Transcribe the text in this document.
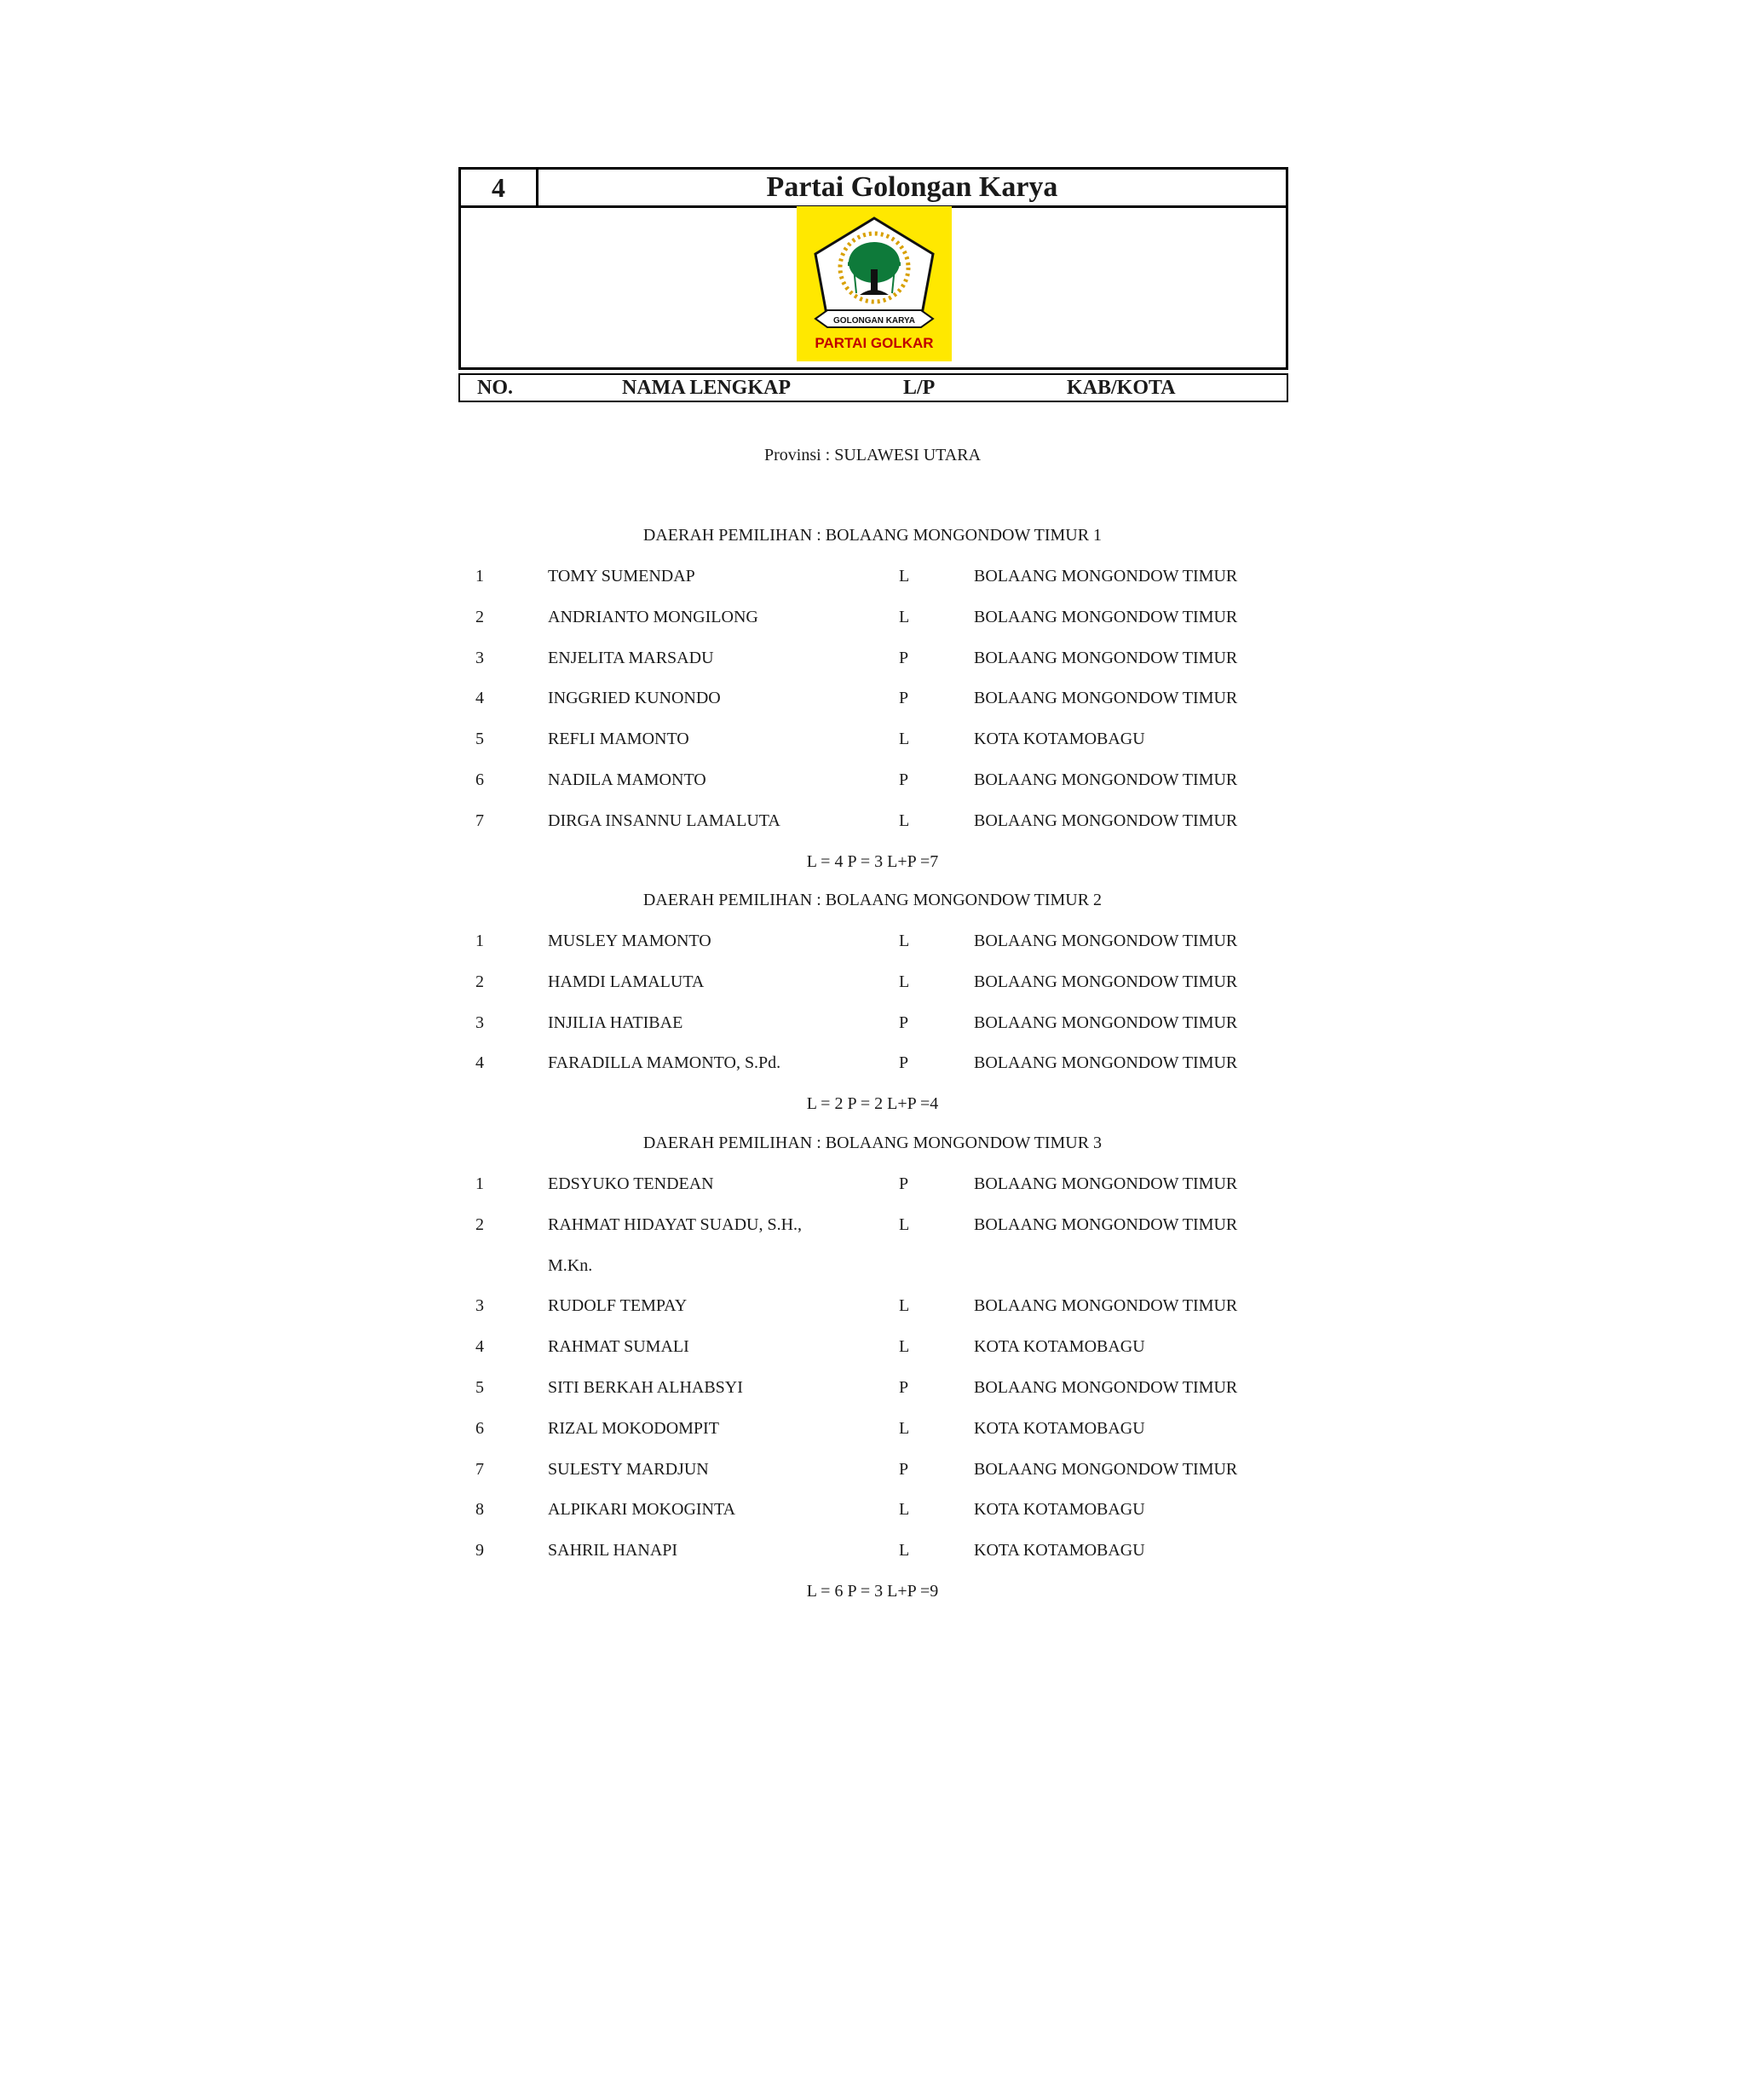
4	Partai Golongan Karya
GOLONGAN KARYA
PARTAI GOLKAR
NO.	NAMA LENGKAP	L/P	KAB/KOTA
Provinsi : SULAWESI UTARA
DAERAH PEMILIHAN : BOLAANG MONGONDOW TIMUR 1
1	TOMY SUMENDAP	L	BOLAANG MONGONDOW TIMUR
2	ANDRIANTO MONGILONG	L	BOLAANG MONGONDOW TIMUR
3	ENJELITA MARSADU	P	BOLAANG MONGONDOW TIMUR
4	INGGRIED KUNONDO	P	BOLAANG MONGONDOW TIMUR
5	REFLI MAMONTO	L	KOTA KOTAMOBAGU
6	NADILA MAMONTO	P	BOLAANG MONGONDOW TIMUR
7	DIRGA INSANNU LAMALUTA	L	BOLAANG MONGONDOW TIMUR
L = 4 P = 3 L+P =7
DAERAH PEMILIHAN : BOLAANG MONGONDOW TIMUR 2
1	MUSLEY MAMONTO	L	BOLAANG MONGONDOW TIMUR
2	HAMDI LAMALUTA	L	BOLAANG MONGONDOW TIMUR
3	INJILIA HATIBAE	P	BOLAANG MONGONDOW TIMUR
4	FARADILLA MAMONTO, S.Pd.	P	BOLAANG MONGONDOW TIMUR
L = 2 P = 2 L+P =4
DAERAH PEMILIHAN : BOLAANG MONGONDOW TIMUR 3
1	EDSYUKO TENDEAN	P	BOLAANG MONGONDOW TIMUR
2	RAHMAT HIDAYAT SUADU, S.H.,	L	BOLAANG MONGONDOW TIMUR
M.Kn.
3	RUDOLF TEMPAY	L	BOLAANG MONGONDOW TIMUR
4	RAHMAT SUMALI	L	KOTA KOTAMOBAGU
5	SITI BERKAH ALHABSYI	P	BOLAANG MONGONDOW TIMUR
6	RIZAL MOKODOMPIT	L	KOTA KOTAMOBAGU
7	SULESTY MARDJUN	P	BOLAANG MONGONDOW TIMUR
8	ALPIKARI MOKOGINTA	L	KOTA KOTAMOBAGU
9	SAHRIL HANAPI	L	KOTA KOTAMOBAGU
L = 6 P = 3 L+P =9
